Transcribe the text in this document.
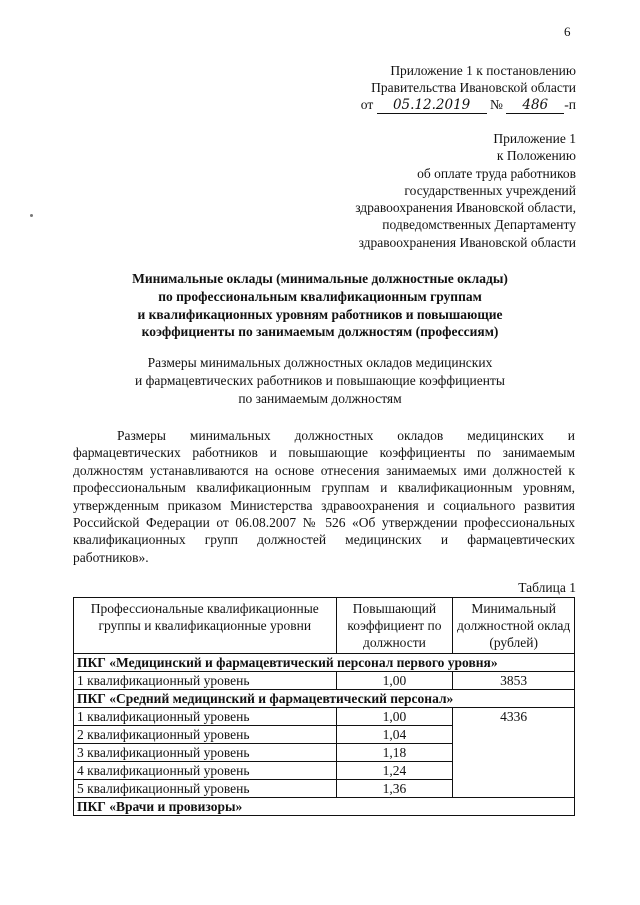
6
Приложение 1 к постановлению
Правительства Ивановской области
от 05.12.2019 № 486 -п
Приложение 1
к Положению
об оплате труда работников
государственных учреждений
здравоохранения Ивановской области,
подведомственных Департаменту
здравоохранения Ивановской области
Минимальные оклады (минимальные должностные оклады)
по профессиональным квалификационным группам
и квалификационных уровням работников и повышающие
коэффициенты по занимаемым должностям (профессиям)
Размеры минимальных должностных окладов медицинских
и фармацевтических работников и повышающие коэффициенты
по занимаемым должностям
Размеры минимальных должностных окладов медицинских и фармацевтических работников и повышающие коэффициенты по занимаемым должностям устанавливаются на основе отнесения занимаемых ими должностей к профессиональным квалификационным группам и квалификационным уровням, утвержденным приказом Министерства здравоохранения и социального развития Российской Федерации от 06.08.2007 № 526 «Об утверждении профессиональных квалификационных групп должностей медицинских и фармацевтических работников».
Таблица 1
Профессиональные квалификационные группы и квалификационные уровни	Повышающий коэффициент по должности	Минимальный должностной оклад (рублей)
ПКГ «Медицинский и фармацевтический персонал первого уровня»		
1 квалификационный уровень	1,00	3853
ПКГ «Средний медицинский и фармацевтический персонал»		
1 квалификационный уровень	1,00	4336
2 квалификационный уровень	1,04	
3 квалификационный уровень	1,18	
4 квалификационный уровень	1,24	
5 квалификационный уровень	1,36	
ПКГ «Врачи и провизоры»		
